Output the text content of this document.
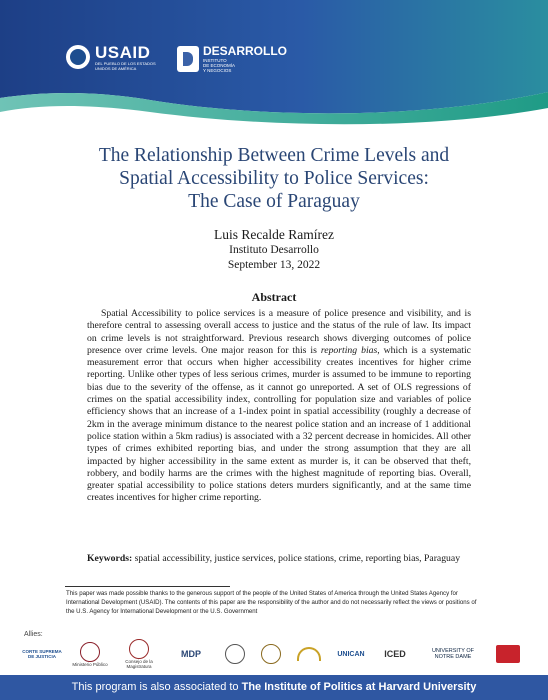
USAID
DEL PUEBLO DE LOS ESTADOS UNIDOS DE AMÉRICA
DESARROLLO
INSTITUTO
DE ECONOMÍA
Y NEGOCIOS
The Relationship Between Crime Levels and
Spatial Accessibility to Police Services:
The Case of Paraguay
Luis Recalde Ramírez
Instituto Desarrollo
September 13, 2022
Abstract

Spatial Accessibility to police services is a measure of police presence and visibility, and is therefore central to assessing overall access to justice and the status of the rule of law. Its impact on crime levels is not straightforward. Previous research shows diverging outcomes of police presence over crime levels. One major reason for this is reporting bias, which is a systematic measurement error that occurs when higher accessibility creates incentives for higher crime reporting. Unlike other types of less serious crimes, murder is assumed to be immune to reporting bias due to the severity of the offense, as it cannot go unreported. A set of OLS regressions of crimes on the spatial accessibility index, controlling for population size and variables of police efficiency shows that an increase of a 1-index point in spatial accessibility (roughly a decrease of 2km in the average minimum distance to the nearest police station and an increase of 1 additional police station within a 5km radius) is associated with a 32 percent decrease in homicides. All other types of crimes exhibited reporting bias, and under the strong assumption that they are all impacted by higher accessibility in the same extent as murder is, it can be observed that theft, robbery, and bodily harms are the crimes with the highest magnitude of reporting bias. Overall, greater spatial accessibility to police stations deters murders significantly, and at the same time creates incentives for higher crime reporting.

Keywords: spatial accessibility, justice services, police stations, crime, reporting bias, Paraguay

This paper was made possible thanks to the generous support of the people of the United States of America through the United States Agency for International Development (USAID). The contents of this paper are the responsibility of the author and do not necessarily reflect the views or positions of the U.S. Agency for International Development or the U.S. Government

Allies:
CORTE SUPREMA DE JUSTICIA
Ministerio Público	Consejo de la Magistratura
MDP	UNICAN ICED	UNIVERSITY OF NOTRE DAME
This program is also associated to The Institute of Politics at Harvard University
